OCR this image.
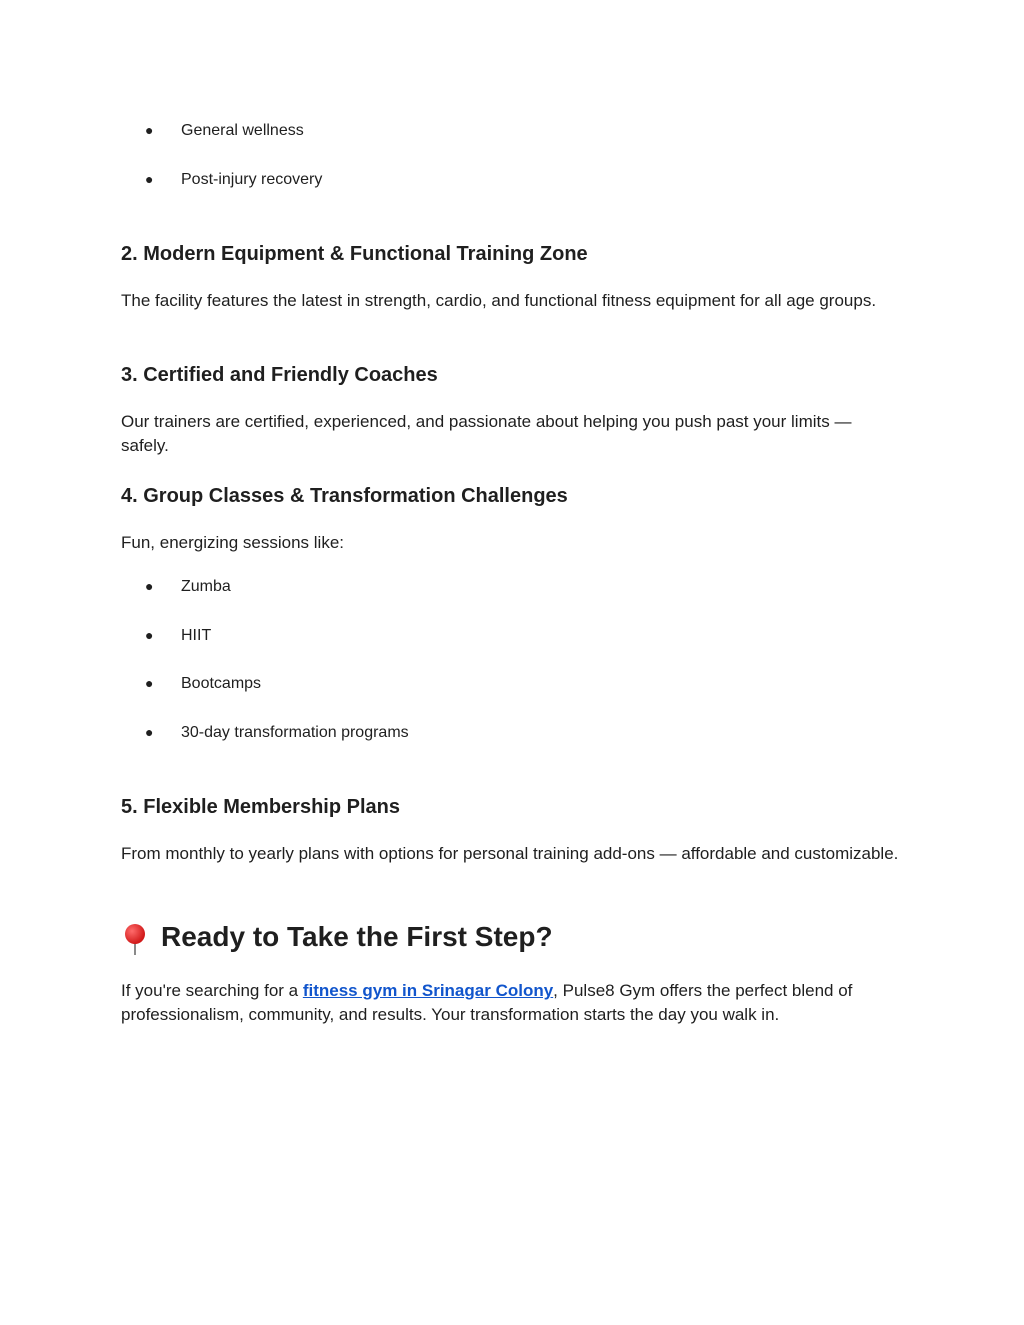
● General wellness
● Post-injury recovery
2. Modern Equipment & Functional Training Zone
The facility features the latest in strength, cardio, and functional fitness equipment for all age groups.
3. Certified and Friendly Coaches
Our trainers are certified, experienced, and passionate about helping you push past your limits — safely.
4. Group Classes & Transformation Challenges
Fun, energizing sessions like:
● Zumba
● HIIT
● Bootcamps
● 30-day transformation programs
5. Flexible Membership Plans
From monthly to yearly plans with options for personal training add-ons — affordable and customizable.
Ready to Take the First Step?
If you're searching for a fitness gym in Srinagar Colony, Pulse8 Gym offers the perfect blend of professionalism, community, and results. Your transformation starts the day you walk in.
